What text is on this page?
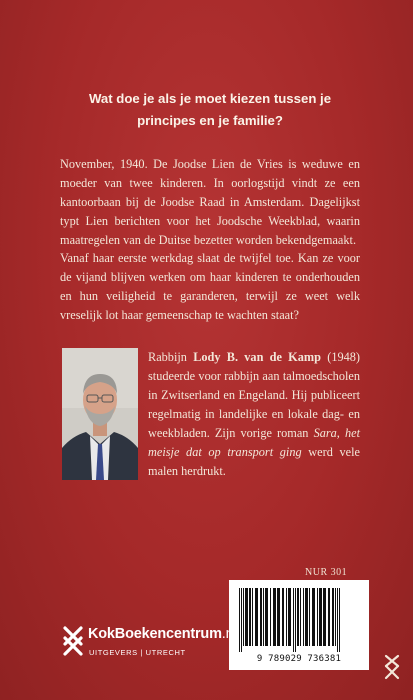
Wat doe je als je moet kiezen tussen je principes en je familie?

November, 1940. De Joodse Lien de Vries is weduwe en moeder van twee kinderen. In oorlogstijd vindt ze een kantoorbaan bij de Joodse Raad in Amsterdam. Dagelijkst typt Lien berichten voor het Joodsche Weekblad, waarin maatregelen van de Duitse bezetter worden bekendgemaakt.

Vanaf haar eerste werkdag slaat de twijfel toe. Kan ze voor de vijand blijven werken om haar kinderen te onderhouden en hun veiligheid te garanderen, terwijl ze weet welk vreselijk lot haar gemeenschap te wachten staat?

Rabbijn Lody B. van de Kamp (1948) studeerde voor rabbijn aan talmoedscholen in Zwitserland en Engeland. Hij publiceert regelmatig in landelijke en lokale dag- en weekbladen. Zijn vorige roman Sara, het meisje dat op transport ging werd vele malen herdrukt.

NUR 301
9 789029 736381
KokBoekencentrum.nl
UITGEVERS | UTRECHT
